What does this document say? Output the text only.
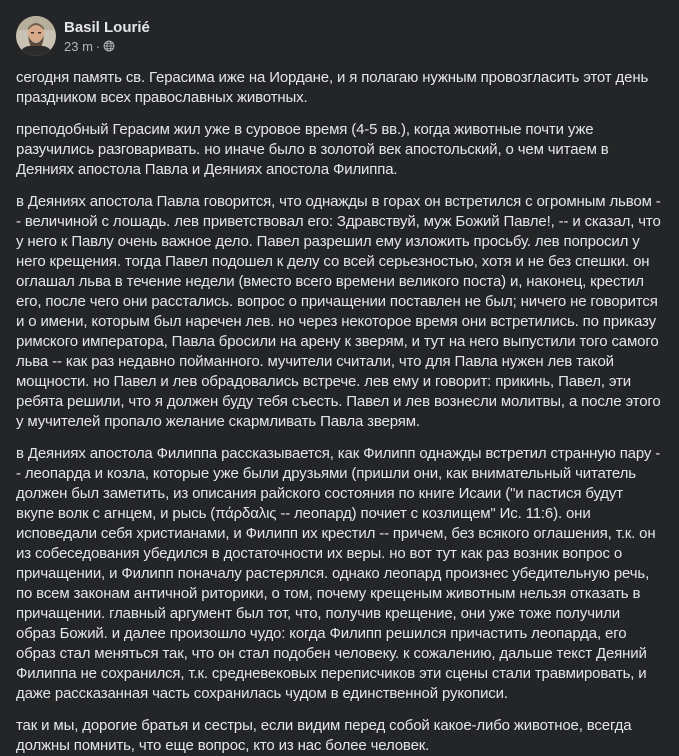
Basil Lourié
23 m ·

сегодня память св. Герасима иже на Иордане, и я полагаю нужным провозгласить этот день праздником всех православных животных.

преподобный Герасим жил уже в суровое время (4-5 вв.), когда животные почти уже разучились разговаривать. но иначе было в золотой век апостольский, о чем читаем в Деяниях апостола Павла и Деяниях апостола Филиппа.

в Деяниях апостола Павла говорится, что однажды в горах он встретился с огромным львом -- величиной с лошадь. лев приветствовал его: Здравствуй, муж Божий Павле!, -- и сказал, что у него к Павлу очень важное дело. Павел разрешил ему изложить просьбу. лев попросил у него крещения. тогда Павел подошел к делу со всей серьезностью, хотя и не без спешки. он оглашал льва в течение недели (вместо всего времени великого поста) и, наконец, крестил его, после чего они расстались. вопрос о причащении поставлен не был; ничего не говорится и о имени, которым был наречен лев. но через некоторое время они встретились. по приказу римского императора, Павла бросили на арену к зверям, и тут на него выпустили того самого льва -- как раз недавно пойманного. мучители считали, что для Павла нужен лев такой мощности. но Павел и лев обрадовались встрече. лев ему и говорит: прикинь, Павел, эти ребята решили, что я должен буду тебя съесть. Павел и лев вознесли молитвы, а после этого у мучителей пропало желание скармливать Павла зверям.

в Деяниях апостола Филиппа рассказывается, как Филипп однажды встретил странную пару -- леопарда и козла, которые уже были друзьями (пришли они, как внимательный читатель должен был заметить, из описания райского состояния по книге Исаии ("и пастися будут вкупе волк с агнцем, и рысь (πάρδαλις -- леопард) почиет с козлищем" Ис. 11:6). они исповедали себя христианами, и Филипп их крестил -- причем, без всякого оглашения, т.к. он из собеседования убедился в достаточности их веры. но вот тут как раз возник вопрос о причащении, и Филипп поначалу растерялся. однако леопард произнес убедительную речь, по всем законам античной риторики, о том, почему крещеным животным нельзя отказать в причащении. главный аргумент был тот, что, получив крещение, они уже тоже получили образ Божий. и далее произошло чудо: когда Филипп решился причастить леопарда, его образ стал меняться так, что он стал подобен человеку. к сожалению, дальше текст Деяний Филиппа не сохранился, т.к. средневековых переписчиков эти сцены стали травмировать, и даже рассказанная часть сохранилась чудом в единственной рукописи.

так и мы, дорогие братья и сестры, если видим перед собой какое-либо животное, всегда должны помнить, что еще вопрос, кто из нас более человек.
